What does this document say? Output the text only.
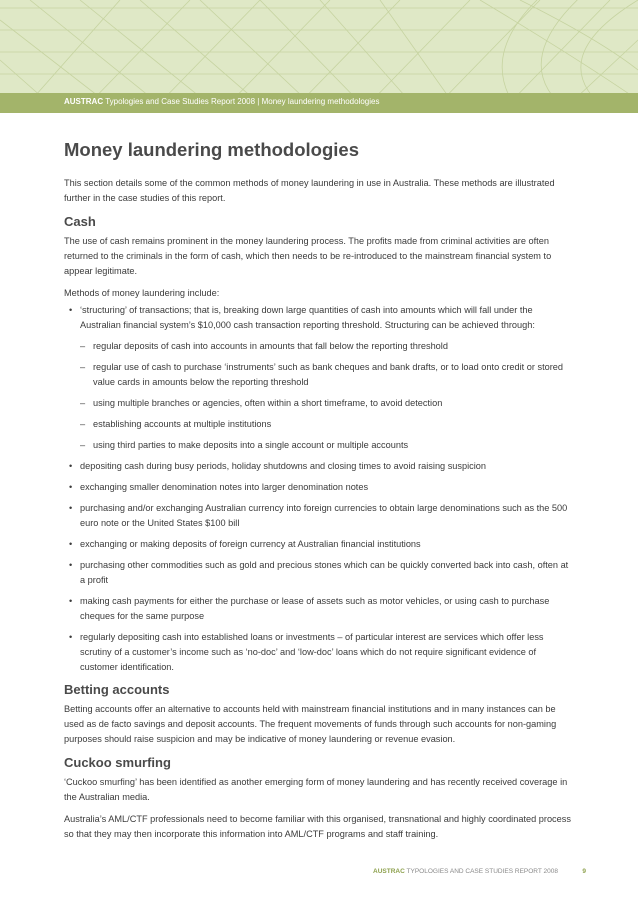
AUSTRAC Typologies and Case Studies Report 2008 | Money laundering methodologies
Money laundering methodologies

This section details some of the common methods of money laundering in use in Australia. These methods are illustrated further in the case studies of this report.

Cash

The use of cash remains prominent in the money laundering process. The profits made from criminal activities are often returned to the criminals in the form of cash, which then needs to be re-introduced to the mainstream financial system to appear legitimate.

Methods of money laundering include:

• ‘structuring’ of transactions; that is, breaking down large quantities of cash into amounts which will fall under the Australian financial system’s $10,000 cash transaction reporting threshold. Structuring can be achieved through:
– regular deposits of cash into accounts in amounts that fall below the reporting threshold
– regular use of cash to purchase ‘instruments’ such as bank cheques and bank drafts, or to load onto credit or stored value cards in amounts below the reporting threshold
– using multiple branches or agencies, often within a short timeframe, to avoid detection
– establishing accounts at multiple institutions
– using third parties to make deposits into a single account or multiple accounts
• depositing cash during busy periods, holiday shutdowns and closing times to avoid raising suspicion
• exchanging smaller denomination notes into larger denomination notes
• purchasing and/or exchanging Australian currency into foreign currencies to obtain large denominations such as the 500 euro note or the United States $100 bill
• exchanging or making deposits of foreign currency at Australian financial institutions
• purchasing other commodities such as gold and precious stones which can be quickly converted back into cash, often at a profit
• making cash payments for either the purchase or lease of assets such as motor vehicles, or using cash to purchase cheques for the same purpose
• regularly depositing cash into established loans or investments – of particular interest are services which offer less scrutiny of a customer’s income such as ‘no-doc’ and ‘low-doc’ loans which do not require significant evidence of customer identification.
Betting accounts

Betting accounts offer an alternative to accounts held with mainstream financial institutions and in many instances can be used as de facto savings and deposit accounts. The frequent movements of funds through such accounts for non-gaming purposes should raise suspicion and may be indicative of money laundering or revenue evasion.

Cuckoo smurfing

‘Cuckoo smurfing’ has been identified as another emerging form of money laundering and has recently received coverage in the Australian media.

Australia’s AML/CTF professionals need to become familiar with this organised, transnational and highly coordinated process so that they may then incorporate this information into AML/CTF programs and staff training.

AUSTRAC TYPOLOGIES AND CASE STUDIES REPORT 2008	9
